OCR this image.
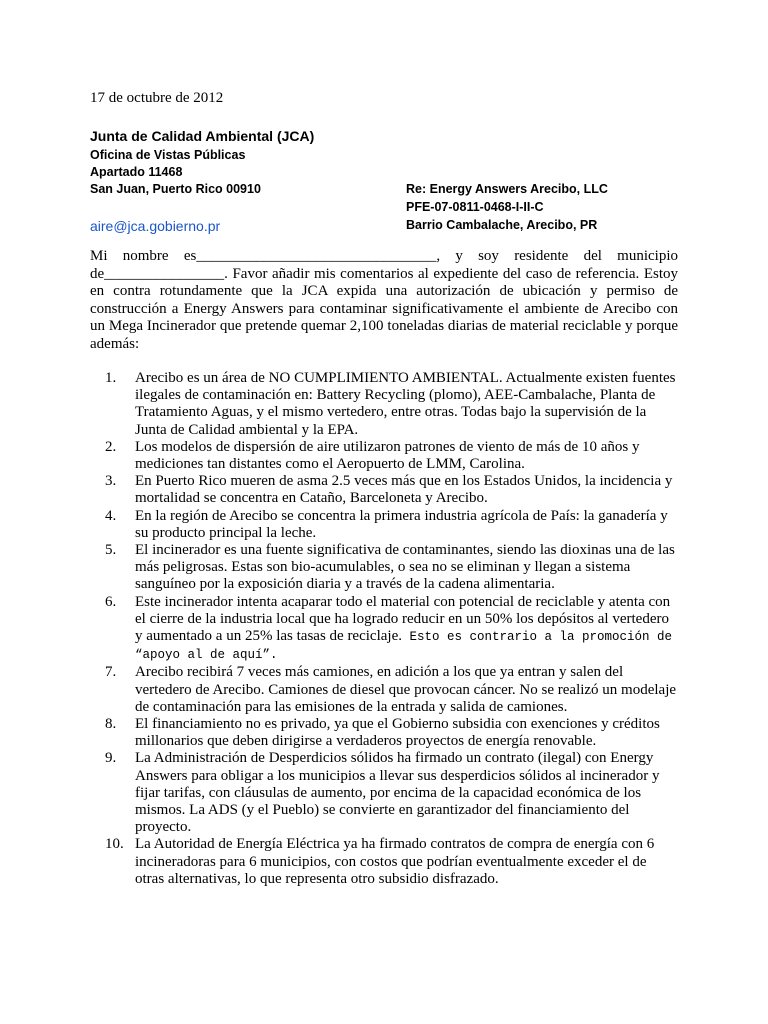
17 de octubre de 2012
Junta de Calidad Ambiental (JCA)
Oficina de Vistas Públicas
Apartado 11468
San Juan, Puerto Rico 00910
aire@jca.gobierno.pr
Re: Energy Answers Arecibo, LLC
PFE-07-0811-0468-I-II-C
Barrio Cambalache, Arecibo, PR

Mi nombre es________________________________, y soy residente del municipio de________________. Favor añadir mis comentarios al expediente del caso de referencia. Estoy en contra rotundamente que la JCA expida una autorización de ubicación y permiso de construcción a Energy Answers para contaminar significativamente el ambiente de Arecibo con un Mega Incinerador que pretende quemar 2,100 toneladas diarias de material reciclable y porque además:

1. Arecibo es un área de NO CUMPLIMIENTO AMBIENTAL. Actualmente existen fuentes ilegales de contaminación en: Battery Recycling (plomo), AEE-Cambalache, Planta de Tratamiento Aguas, y el mismo vertedero, entre otras. Todas bajo la supervisión de la Junta de Calidad ambiental y la EPA.
2. Los modelos de dispersión de aire utilizaron patrones de viento de más de 10 años y mediciones tan distantes como el Aeropuerto de LMM, Carolina.
3. En Puerto Rico mueren de asma 2.5 veces más que en los Estados Unidos, la incidencia y mortalidad se concentra en Cataño, Barceloneta y Arecibo.
4. En la región de Arecibo se concentra la primera industria agrícola de País: la ganadería y su producto principal la leche.
5. El incinerador es una fuente significativa de contaminantes, siendo las dioxinas una de las más peligrosas. Estas son bio-acumulables, o sea no se eliminan y llegan a sistema sanguíneo por la exposición diaria y a través de la cadena alimentaria.
6. Este incinerador intenta acaparar todo el material con potencial de reciclable y atenta con el cierre de la industria local que ha logrado reducir en un 50% los depósitos al vertedero y aumentado a un 25% las tasas de reciclaje. Esto es contrario a la promoción de “apoyo al de aquí”.
7. Arecibo recibirá 7 veces más camiones, en adición a los que ya entran y salen del vertedero de Arecibo. Camiones de diesel que provocan cáncer. No se realizó un modelaje de contaminación para las emisiones de la entrada y salida de camiones.
8. El financiamiento no es privado, ya que el Gobierno subsidia con exenciones y créditos millonarios que deben dirigirse a verdaderos proyectos de energía renovable.
9. La Administración de Desperdicios sólidos ha firmado un contrato (ilegal) con Energy Answers para obligar a los municipios a llevar sus desperdicios sólidos al incinerador y fijar tarifas, con cláusulas de aumento, por encima de la capacidad económica de los mismos. La ADS (y el Pueblo) se convierte en garantizador del financiamiento del proyecto.
10. La Autoridad de Energía Eléctrica ya ha firmado contratos de compra de energía con 6 incineradoras para 6 municipios, con costos que podrían eventualmente exceder el de otras alternativas, lo que representa otro subsidio disfrazado.
